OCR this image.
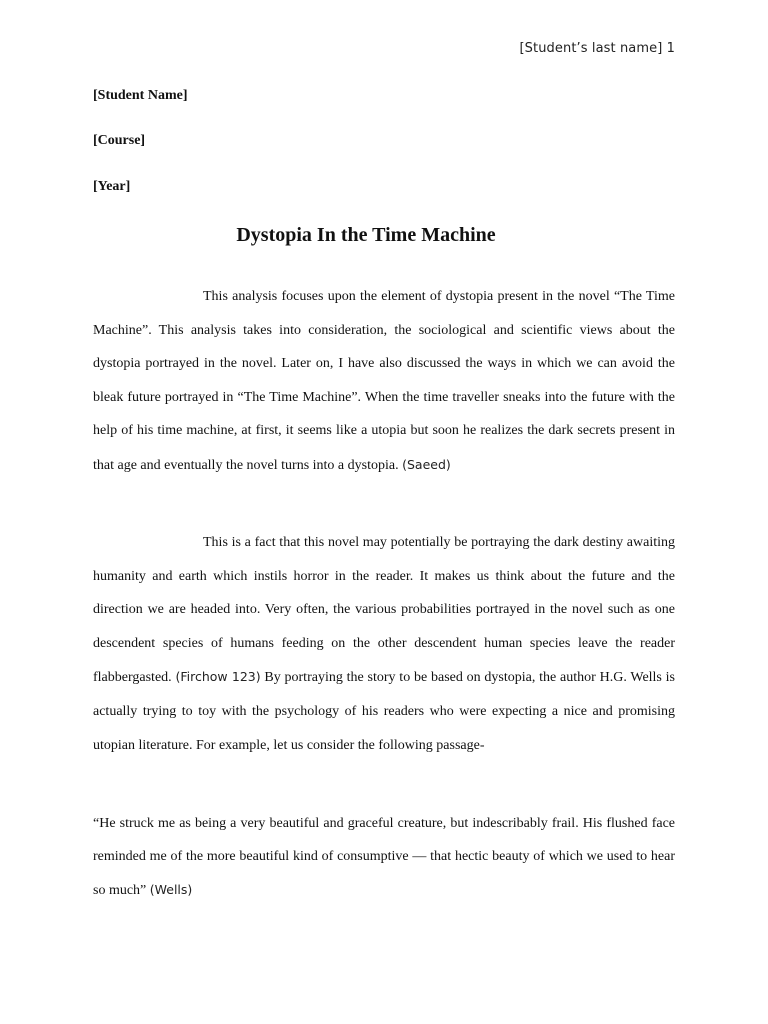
[Student’s last name] 1
[Student Name]
[Course]
[Year]
Dystopia In the Time Machine

This analysis focuses upon the element of dystopia present in the novel “The Time Machine”. This analysis takes into consideration, the sociological and scientific views about the dystopia portrayed in the novel. Later on, I have also discussed the ways in which we can avoid the bleak future portrayed in “The Time Machine”. When the time traveller sneaks into the future with the help of his time machine, at first, it seems like a utopia but soon he realizes the dark secrets present in that age and eventually the novel turns into a dystopia. (Saeed)

This is a fact that this novel may potentially be portraying the dark destiny awaiting humanity and earth which instils horror in the reader. It makes us think about the future and the direction we are headed into. Very often, the various probabilities portrayed in the novel such as one descendent species of humans feeding on the other descendent human species leave the reader flabbergasted. (Firchow 123) By portraying the story to be based on dystopia, the author H.G. Wells is actually trying to toy with the psychology of his readers who were expecting a nice and promising utopian literature. For example, let us consider the following passage-

“He struck me as being a very beautiful and graceful creature, but indescribably frail. His flushed face reminded me of the more beautiful kind of consumptive — that hectic beauty of which we used to hear so much” (Wells)
